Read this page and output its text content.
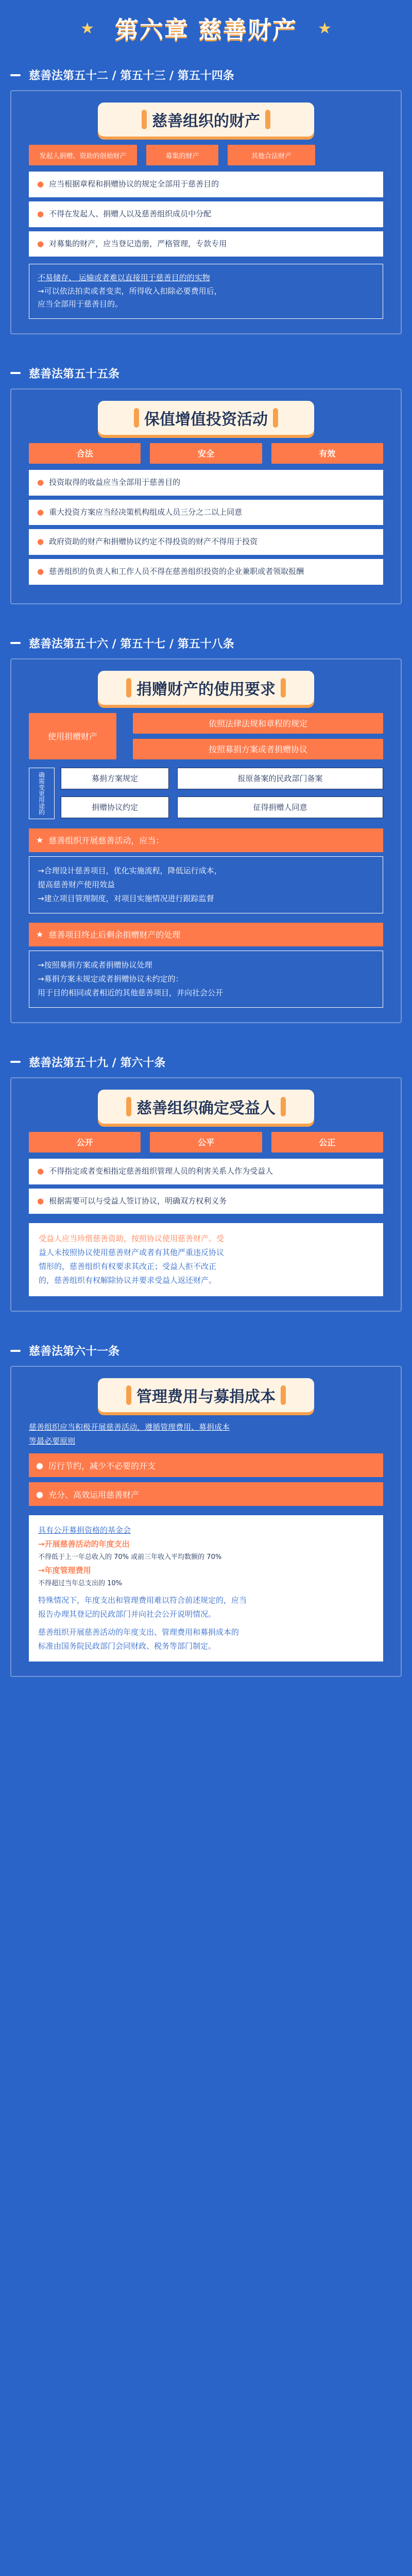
★ 第六章 慈善财产 ★
慈善法第五十二 / 第五十三 / 第五十四条
慈善组织的财产
发起人捐赠、资助的创始财产	募集的财产	其他合法财产
● 应当根据章程和捐赠协议的规定全部用于慈善目的
● 不得在发起人、捐赠人以及慈善组织成员中分配
● 对募集的财产，应当登记造册，严格管理，专款专用
不易储存、 运输或者难以直接用于慈善目的的实物
→可以依法拍卖或者变卖，所得收入扣除必要费用后，
应当全部用于慈善目的。
慈善法第五十五条
保值增值投资活动
合法	安全	有效
● 投资取得的收益应当全部用于慈善目的
● 重大投资方案应当经决策机构组成人员三分之二以上同意
● 政府资助的财产和捐赠协议约定不得投资的财产不得用于投资
● 慈善组织的负责人和工作人员不得在慈善组织投资的企业兼职或者领取报酬
慈善法第五十六 / 第五十七 / 第五十八条
捐赠财产的使用要求
使用捐赠财产
依照法律法规和章程的规定
按照募捐方案或者捐赠协议
确需变更用途的	募捐方案规定	报原备案的民政部门备案
捐赠协议约定	征得捐赠人同意
★ 慈善组织开展慈善活动，应当：
→合理设计慈善项目，优化实施流程，降低运行成本，
提高慈善财产使用效益
→建立项目管理制度，对项目实施情况进行跟踪监督
★ 慈善项目终止后剩余捐赠财产的处理
→按照募捐方案或者捐赠协议处理
→募捐方案未规定或者捐赠协议未约定的：
用于目的相同或者相近的其他慈善项目，并向社会公开
慈善法第五十九 / 第六十条
慈善组织确定受益人
公开	公平	公正
● 不得指定或者变相指定慈善组织管理人员的利害关系人作为受益人
● 根据需要可以与受益人签订协议，明确双方权利义务
受益人应当珍惜慈善资助，按照协议使用慈善财产。受
益人未按照协议使用慈善财产或者有其他严重违反协议
情形的，慈善组织有权要求其改正；受益人拒不改正
的，慈善组织有权解除协议并要求受益人返还财产。
慈善法第六十一条
管理费用与募捐成本
慈善组织应当积极开展慈善活动，遵循管理费用、募捐成本
等最必要原则
● 厉行节约，减少不必要的开支
● 充分、高效运用慈善财产
具有公开募捐资格的基金会
→开展慈善活动的年度支出
不得低于上一年总收入的 70% 或前三年收入平均数额的 70%
→年度管理费用
不得超过当年总支出的 10%
特殊情况下，年度支出和管理费用难以符合前述规定的，应当
报告办理其登记的民政部门并向社会公开说明情况。
慈善组织开展慈善活动的年度支出、管理费用和募捐成本的
标准由国务院民政部门会同财政、税务等部门制定。
